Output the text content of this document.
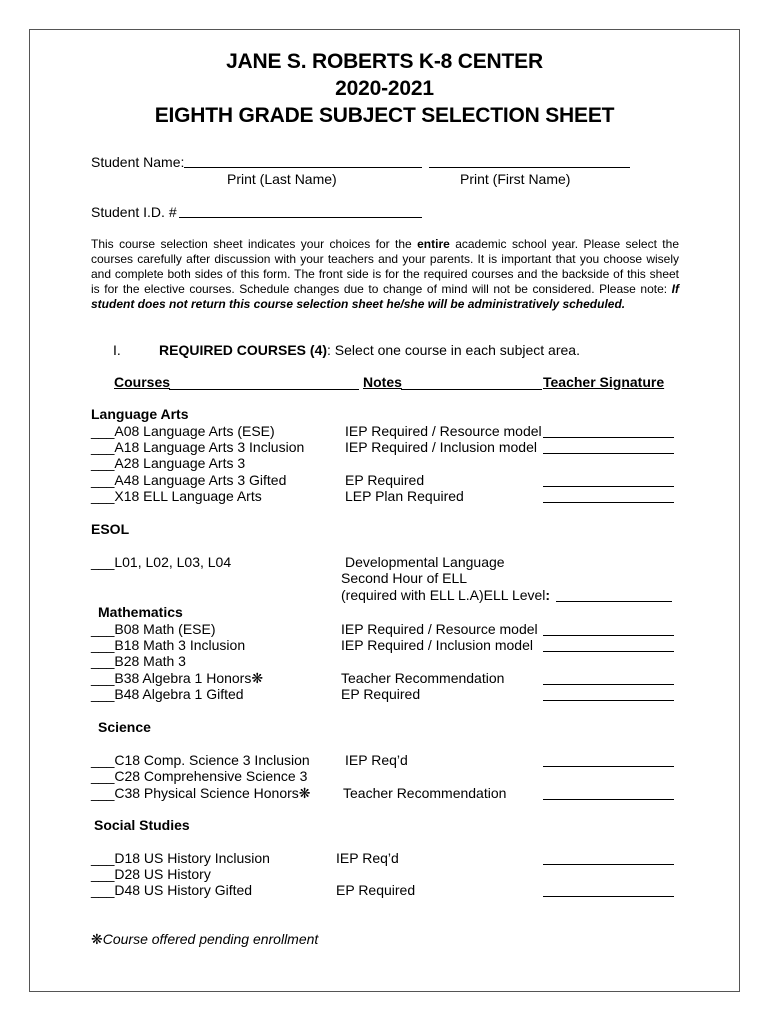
JANE S. ROBERTS K-8 CENTER
2020-2021
EIGHTH GRADE SUBJECT SELECTION SHEET
Student Name:
Print (Last Name)	Print (First Name)
Student I.D. #
This course selection sheet indicates your choices for the entire academic school year. Please select the courses carefully after discussion with your teachers and your parents. It is important that you choose wisely and complete both sides of this form. The front side is for the required courses and the backside of this sheet is for the elective courses. Schedule changes due to change of mind will not be considered. Please note: If student does not return this course selection sheet he/she will be administratively scheduled.
I.	REQUIRED COURSES (4): Select one course in each subject area.
Courses	Notes	Teacher Signature
Language Arts
___A08 Language Arts (ESE)	IEP Required / Resource model
___A18 Language Arts 3 Inclusion	IEP Required / Inclusion model
___A28 Language Arts 3
___A48 Language Arts 3 Gifted	EP Required
___X18 ELL Language Arts	LEP Plan Required
ESOL
___L01, L02, L03, L04	Developmental Language
Second Hour of ELL
(required with ELL L.A)ELL Level:
Mathematics
___B08 Math (ESE)	IEP Required / Resource model
___B18 Math 3 Inclusion	IEP Required / Inclusion model
___B28 Math 3
___B38 Algebra 1 Honors❋	Teacher Recommendation
___B48 Algebra 1 Gifted	EP Required
Science
___C18 Comp. Science 3 Inclusion	IEP Req’d
___C28 Comprehensive Science 3
___C38 Physical Science Honors❋ Teacher Recommendation
Social Studies
___D18 US History Inclusion	IEP Req’d
___D28 US History
___D48 US History Gifted	EP Required
❋Course offered pending enrollment
